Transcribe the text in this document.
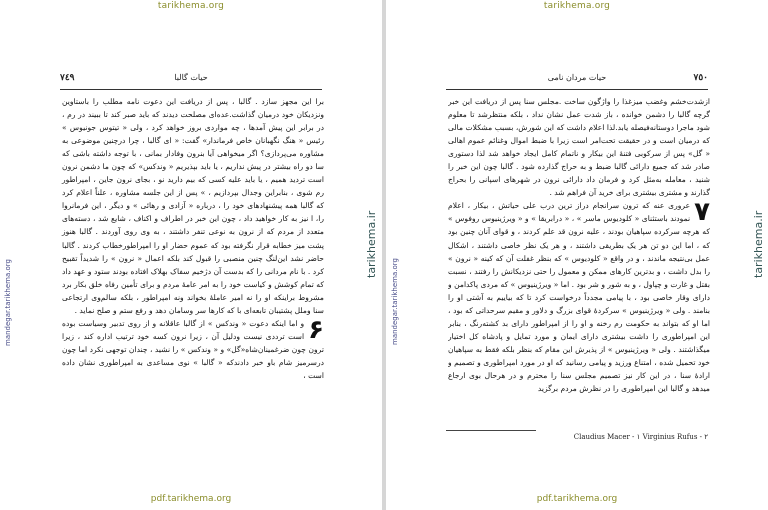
tarikhema.org
٧٤٩	حیات گالبا

برا این مجهز سازد . گالبا ، پس از دریافت این دعوت نامه مطلب را باستاوین ونزدیکان خود درمیان گذاشت.عده‌ای مصلحت دیدند که باید صبر کند تا ببیند در رم ، در برابر این پیش آمدها ، چه مواردی بروز خواهد کرد ، ولی « تیتوس جونیوس » رئیس « هنگ نگهبانان خاص فرماندار» گفت: « ای گالبا ، چرا درچنین موضوعی به مشاوره می‌پردازی؟ اگر میخواهی آیا بنرون وفادار بمانی ، با توجه داشته باشی که سا دو راه بیشتر در پیش نداریم ، یا باید بپذیریم « وندکس» که چون ما دشمن نرون است تردید همیم ، یا باید علیه کسی که بیم دارید نو ، بجای نرون جاین ، امپراطور رم شوی ، بنابراین وجدال بپردازیم ، » پس از این جلسه مشاوره ، علناً اعلام کرد که گالبا همه پیشنهادهای خود را ، درباره « آزادی و رهائی » و دیگر ، این فرمانروا را، ا نیز به کار خواهید داد ، چون این خبر در اطراف و اکناف ، شایع شد ، دسته‌های متعدد از مردم که از نرون به نوعی تنفر داشتند ، به وی روی آوردند . گالبا هنوز پشت میز خطابه قرار نگرفته بود که عموم حضار او را امپراطورخطاب کردند . گالبا حاضر نشد این‌لنگ چنین منصبی را قبول کند بلکه اعمال « نرون » را شدیداً تقبیح کرد . با نام مردانی را که بدست آن دژخیم سفاک بهلاک افتاده بودند ستود و عهد داد که تمام کوشش و کیاست خود را به امر عامهٔ مردم و برای تأمین رفاه خلق بکار برد مشروط براینکه او را نه امیر عاملهٔ بخواند ونه امپراطور ، بلکه سالم‌وی ارتجاعی سنا وملل پشتیبان تابعه‌ای با که کارها سر وسامان دهد و رفع ستم و صلح نماید .

۶
و اما اینکه دعوت « وندکس » از گالبا عاقلانه و از روی تدبیر وسیاست بوده است ترددی نیست ودلیل آن ، زیرا نرون کسه خود ترتیب اداره کند ، زیرا ترون چون ضرغمینان‌شاه‌«گل» و « وندکس » را نشید ، چندان توجهی نکرد اما چون درسرمیز شام باو خبر دادند‌که « گالبا » نوی مساعدی به امپراطوری نشان داده است ،

pdf.tarikhema.org
mandegar.tarikhema.org
tarikhema.ir
tarikhema.org
حیات مردان نامی	٧٥٠

ازشدت‌خشم وغضب میزغذا را واژگون ساخت .مجلس سنا پس از دریافت این خبر گرچه گالبا را دشمن خوانده ، باز شدت عمل نشان نداد ، بلکه منتظرشد تا معلوم شود ماجرا دوستانه‌فیصله یابد.لذا اعلام داشت که این شورش، بسبب مشکلات مالی که درمیان است و در حقیقت تحت‌امر است زیرا با ضبط اموال وغنائم عموم اهالی « گل» پس از سرکوبی فتنهٔ این بیکار و ناتمام کامل ایجاد خواهد شد لذا دستوری صادر شد که جمیع دارائی گالبا ضبط و به حراج گذارده شود . گالبا چون این خبر را شنید ، معامله به‌مثل کرد و فرمان داد دارائی نرون در شهرهای اسپانی را بحراج گذارند و مشتری بیشتری برای خرید آن فراهم شد .

۷
عروری عنه که ترون سرانجام دراز ترین درب علی حیاتش ، بیکار ، اعلام نمودند باستثنای « کلودیوس ماسر » ، « درابریقا » و « ویرژینیوس روفوس » که هرچه سرکرده سپاهیان بودند ، علیه نرون قد علم کردند ، و قوای آنان چنین بود که ، اما این دو تن هر یک بطریقی داشتند ، و هر یک نظر خاصی داشتند ، اشکال عمل بی‌نتیجه ماندند ، و در واقع « کلودیوس » که بنظر غفلت آن که کینه « نرون » را بدل داشت ، و بدترین کارهای ممکن و معمول را حتی نزدیکانش را رفتند ، نسبت بقتل و غارت و چپاول ، و به شور و شر بود . اما « ویرژینیوس » که مردی پاکدامن و دارای وقار خاصی بود ، با پیامی مجدداً درخواست کرد تا که بیاییم به آشتی او را بنامند . ولی « ویرژینیوس » سرکردهٔ قوای بزرگ و دلاور و مقیم سرحداتی که بود ، اما او که بتواند به حکومت رم رخنه و او را از امپراطور دارای بد کشته‌رنگ ، بنابر این امپراطوری را داشت بیشتری دارای ایمان و مورد تمایل و پادشاه کل اختیار میگذاشتند . ولی « ویرژینیوس » از پذیرش این مقام که بنظر بلکه فقط به سپاهیان خود تحمیل شده ، امتناع ورزید و پیامی رسانید که او در مورد امپراطوری و تصمیم و ارادهٔ سنا ، در این کار نیز تصمیم مجلس سنا را محترم و در هرحال بوی ارجاع میدهد و گالبا این امپراطوری را در نظرش مردم برگزید

Claudius Macer - ١ Virginius Rufus - ٢
pdf.tarikhema.org
mandegar.tarikhema.org
tarikhema.ir
